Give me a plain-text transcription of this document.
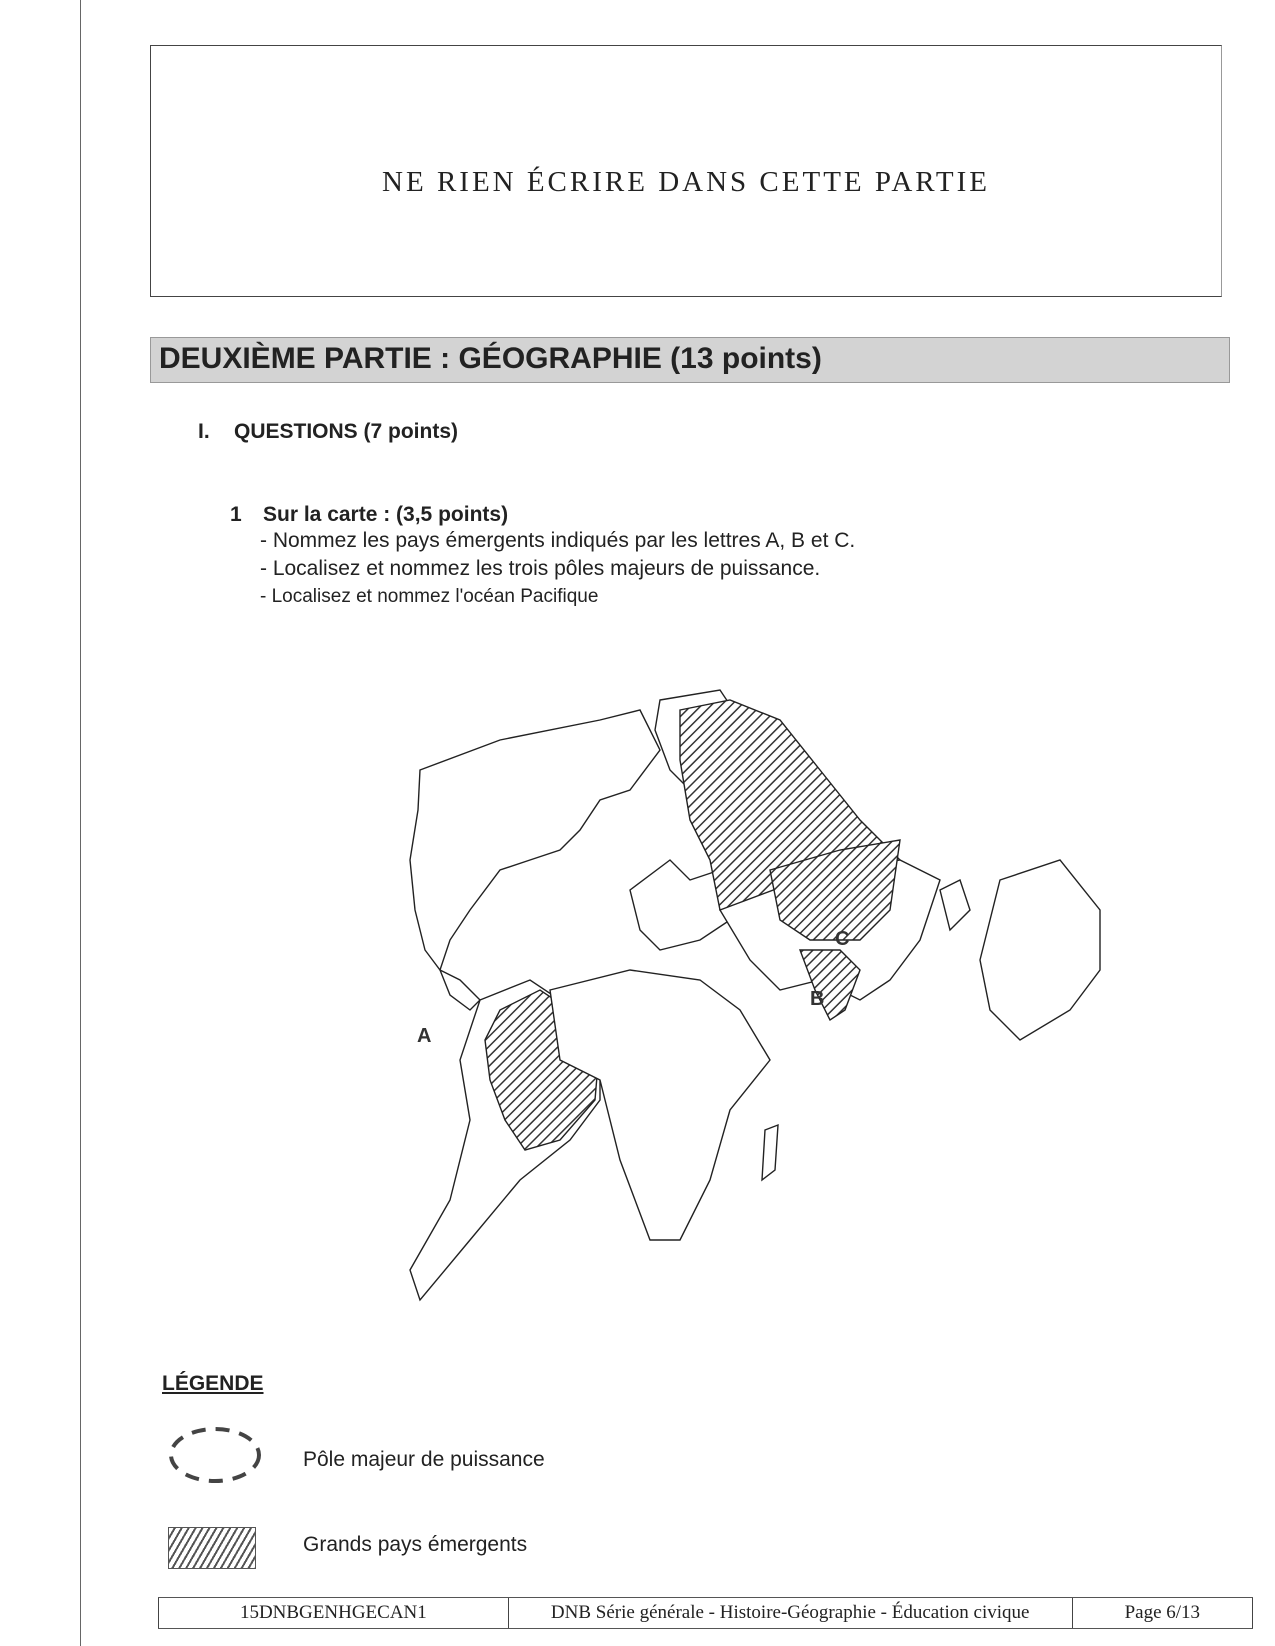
NE RIEN ÉCRIRE DANS CETTE PARTIE
DEUXIÈME PARTIE : GÉOGRAPHIE (13 points)
I. QUESTIONS (7 points)
1 Sur la carte : (3,5 points)
- Nommez les pays émergents indiqués par les lettres A, B et C.
- Localisez et nommez les trois pôles majeurs de puissance.
- Localisez et nommez l'océan Pacifique
A
B
C
LÉGENDE
Pôle majeur de puissance
Grands pays émergents
15DNBGENHGECAN1	DNB Série générale - Histoire-Géographie - Éducation civique	Page 6/13
